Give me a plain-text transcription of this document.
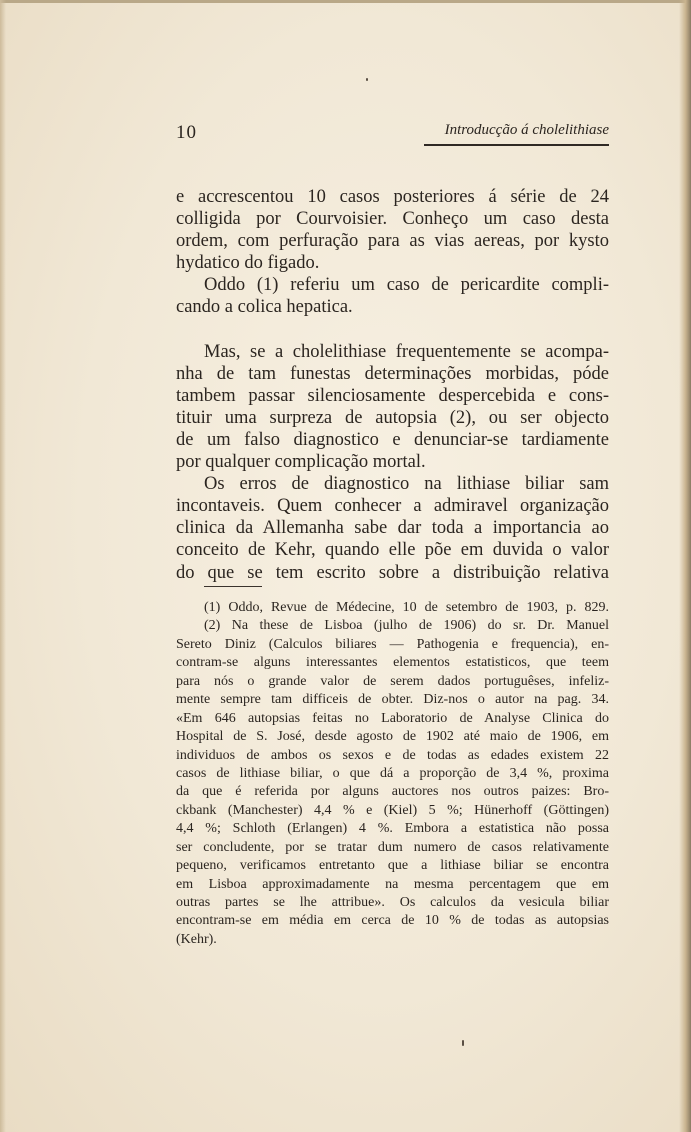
10	Introducção á cholelithiase
e accrescentou 10 casos posteriores á série de 24
colligida por Courvoisier. Conheço um caso desta
ordem, com perfuração para as vias aereas, por kysto
hydatico do figado.
Oddo (1) referiu um caso de pericardite compli-
cando a colica hepatica.
Mas, se a cholelithiase frequentemente se acompa-
nha de tam funestas determinações morbidas, póde
tambem passar silenciosamente despercebida e cons-
tituir uma surpreza de autopsia (2), ou ser objecto
de um falso diagnostico e denunciar-se tardiamente
por qualquer complicação mortal.
Os erros de diagnostico na lithiase biliar sam
incontaveis. Quem conhecer a admiravel organização
clinica da Allemanha sabe dar toda a importancia ao
conceito de Kehr, quando elle põe em duvida o valor
do que se tem escrito sobre a distribuição relativa
(1) Oddo, Revue de Médecine, 10 de setembro de 1903, p. 829.
(2) Na these de Lisboa (julho de 1906) do sr. Dr. Manuel
Sereto Diniz (Calculos biliares — Pathogenia e frequencia), en-
contram-se alguns interessantes elementos estatisticos, que teem
para nós o grande valor de serem dados portuguêses, infeliz-
mente sempre tam difficeis de obter. Diz-nos o autor na pag. 34.
«Em 646 autopsias feitas no Laboratorio de Analyse Clinica do
Hospital de S. José, desde agosto de 1902 até maio de 1906, em
individuos de ambos os sexos e de todas as edades existem 22
casos de lithiase biliar, o que dá a proporção de 3,4 %, proxima
da que é referida por alguns auctores nos outros paizes: Bro-
ckbank (Manchester) 4,4 % e (Kiel) 5 %; Hünerhoff (Göttingen)
4,4 %; Schloth (Erlangen) 4 %. Embora a estatistica não possa
ser concludente, por se tratar dum numero de casos relativamente
pequeno, verificamos entretanto que a lithiase biliar se encontra
em Lisboa approximadamente na mesma percentagem que em
outras partes se lhe attribue». Os calculos da vesicula biliar
encontram-se em média em cerca de 10 % de todas as autopsias
(Kehr).
